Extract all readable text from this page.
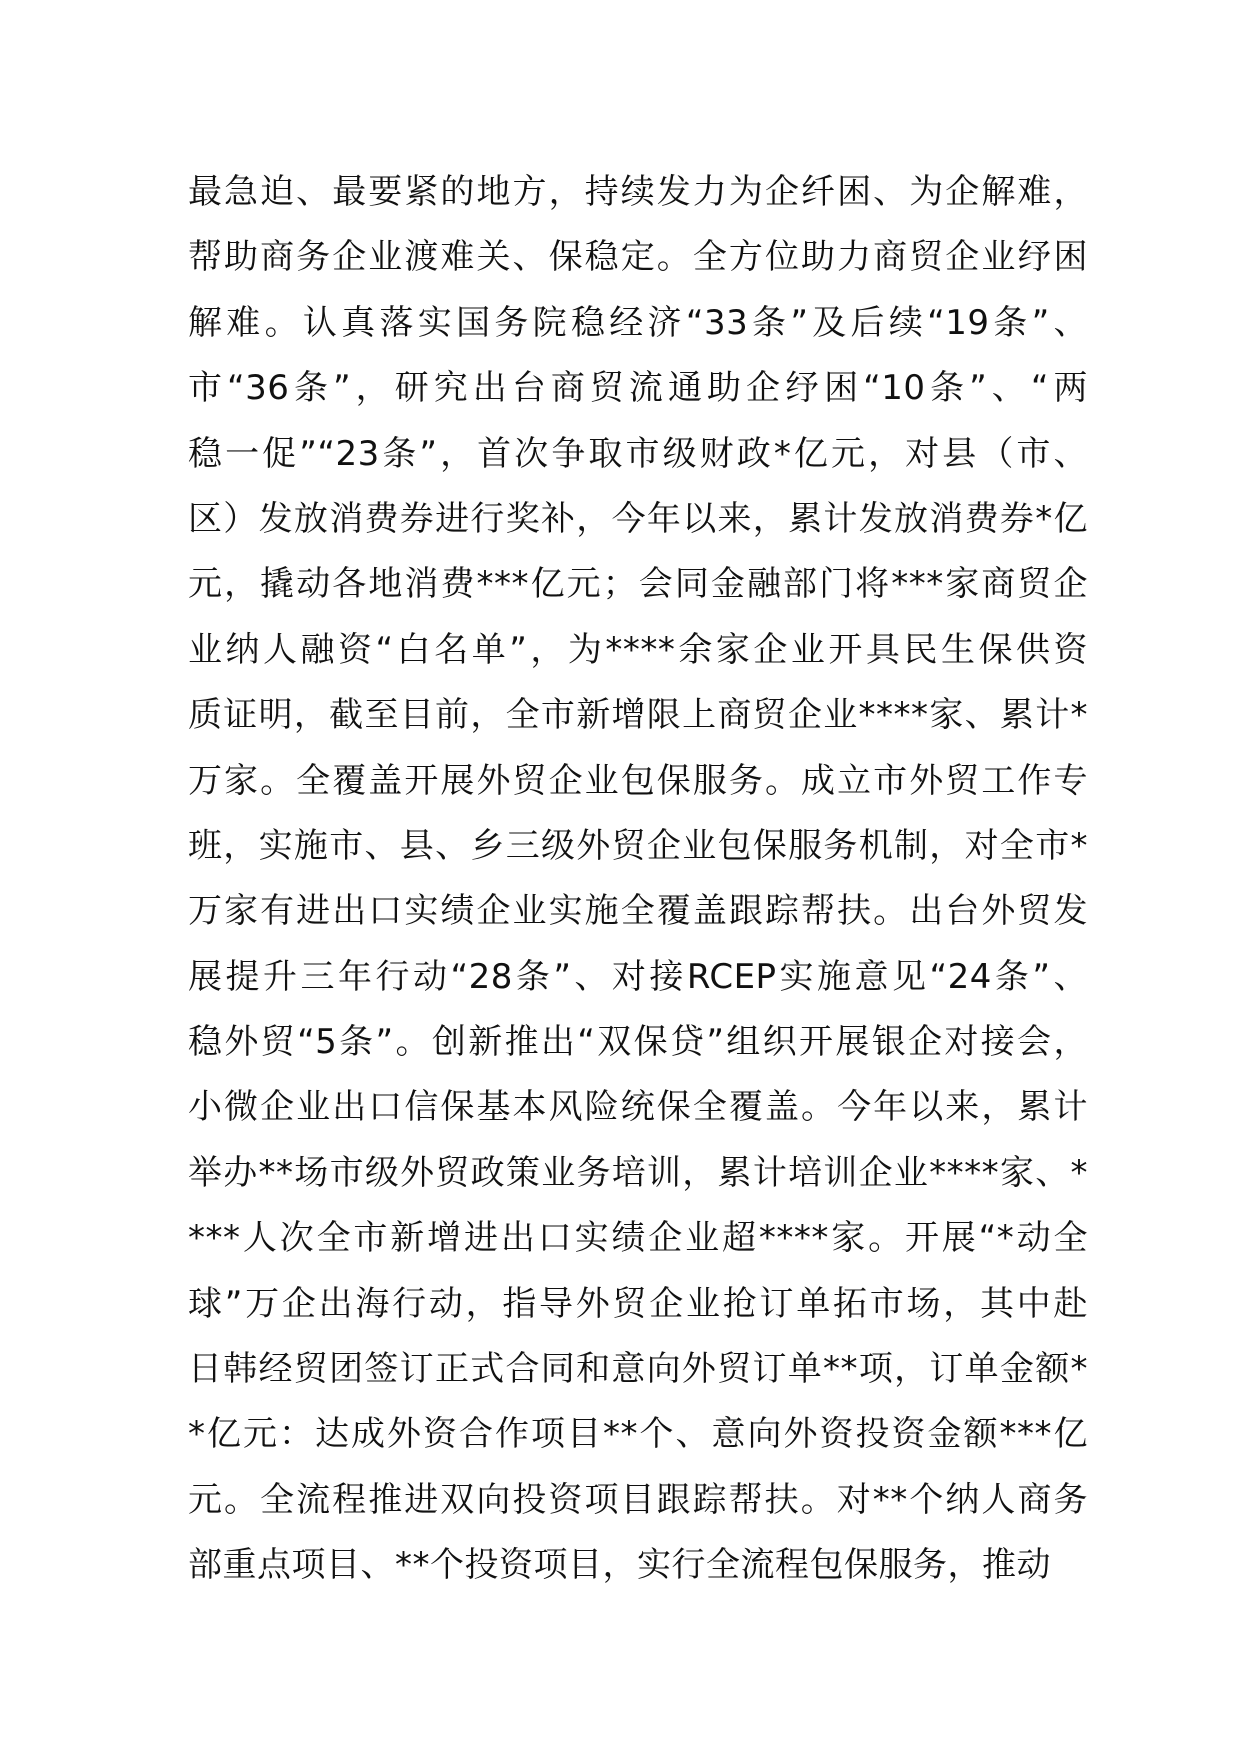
最急迫、最要紧的地方，持续发力为企纤困、为企解难，
帮助商务企业渡难关、保稳定。全方位助力商贸企业纾困
解难。认真落实国务院稳经济“33条”及后续“19条”、
市“36条”，研究出台商贸流通助企纾困“10条”、“两
稳一促”“23条”，首次争取市级财政*亿元，对县（市、
区）发放消费券进行奖补，今年以来，累计发放消费券*亿
元，撬动各地消费***亿元；会同金融部门将***家商贸企
业纳人融资“白名单”，为****余家企业开具民生保供资
质证明，截至目前，全市新增限上商贸企业****家、累计*
万家。全覆盖开展外贸企业包保服务。成立市外贸工作专
班，实施市、县、乡三级外贸企业包保服务机制，对全市*
万家有进出口实绩企业实施全覆盖跟踪帮扶。出台外贸发
展提升三年行动“28条”、对接RCEP实施意见“24条”、
稳外贸“5条”。创新推出“双保贷”组织开展银企对接会，
小微企业出口信保基本风险统保全覆盖。今年以来，累计
举办**场市级外贸政策业务培训，累计培训企业****家、*
***人次全市新增进出口实绩企业超****家。开展“*动全
球”万企出海行动，指导外贸企业抢订单拓市场，其中赴
日韩经贸团签订正式合同和意向外贸订单**项，订单金额*
*亿元：达成外资合作项目**个、意向外资投资金额***亿
元。全流程推进双向投资项目跟踪帮扶。对**个纳人商务
部重点项目、**个投资项目，实行全流程包保服务，推动
